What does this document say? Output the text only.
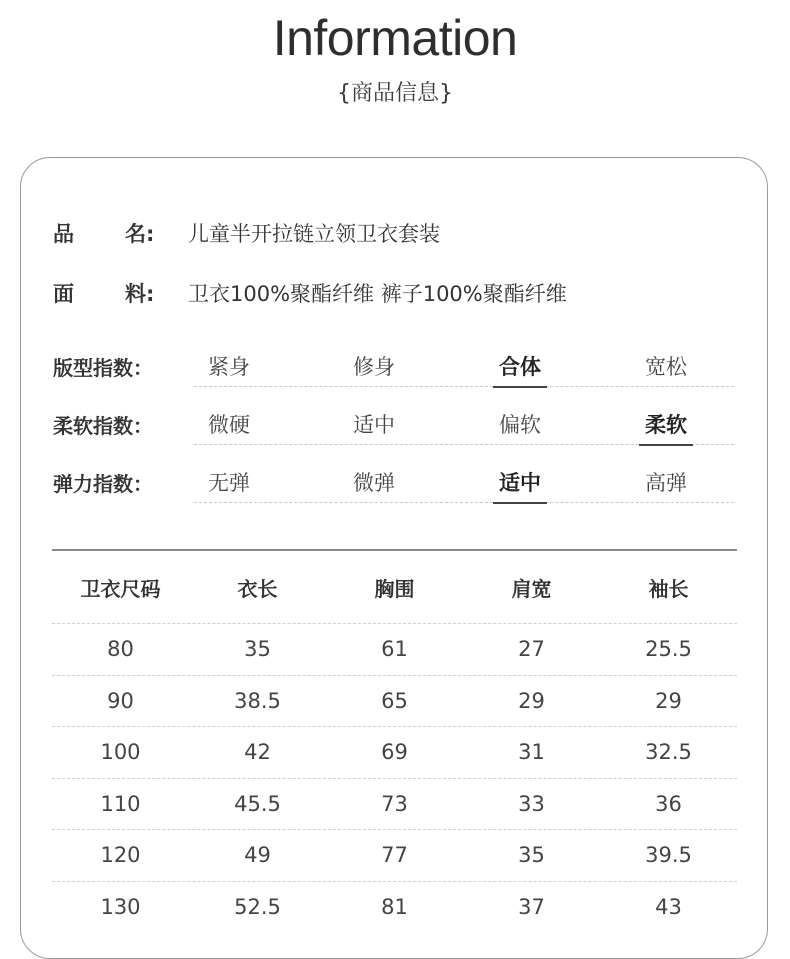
Information
{商品信息}
品	名:	儿童半开拉链立领卫衣套装
面	料:	卫衣100%聚酯纤维 裤子100%聚酯纤维
版型指数：	紧身	修身	合体	宽松
柔软指数：	微硬	适中	偏软	柔软
弹力指数：	无弹	微弹	适中	高弹
卫衣尺码	衣长	胸围	肩宽	袖长
80	35	61	27	25.5
90	38.5	65	29	29
100	42	69	31	32.5
110	45.5	73	33	36
120	49	77	35	39.5
130	52.5	81	37	43
